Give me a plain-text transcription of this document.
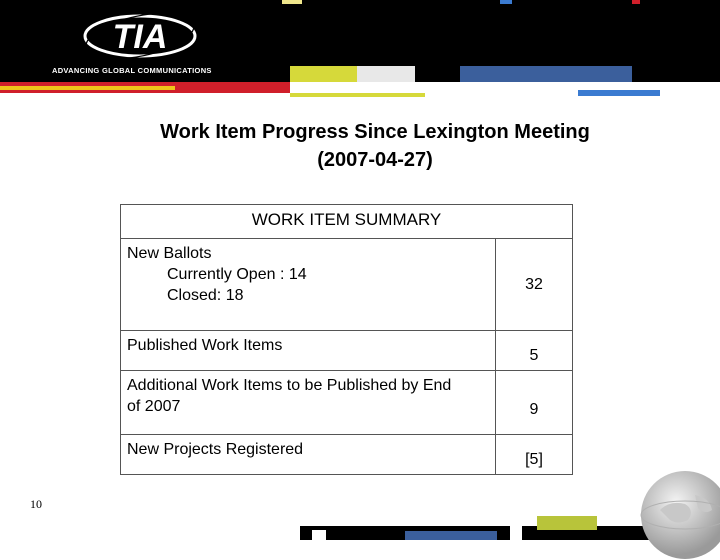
TIA
ADVANCING GLOBAL COMMUNICATIONS
Work Item Progress Since Lexington Meeting
(2007-04-27)
WORK ITEM SUMMARY	
New Ballots

Currently Open : 14
Closed: 18	32
Published Work Items	5
Additional Work Items to be Published by End of 2007	9
New Projects Registered	[5]
10
